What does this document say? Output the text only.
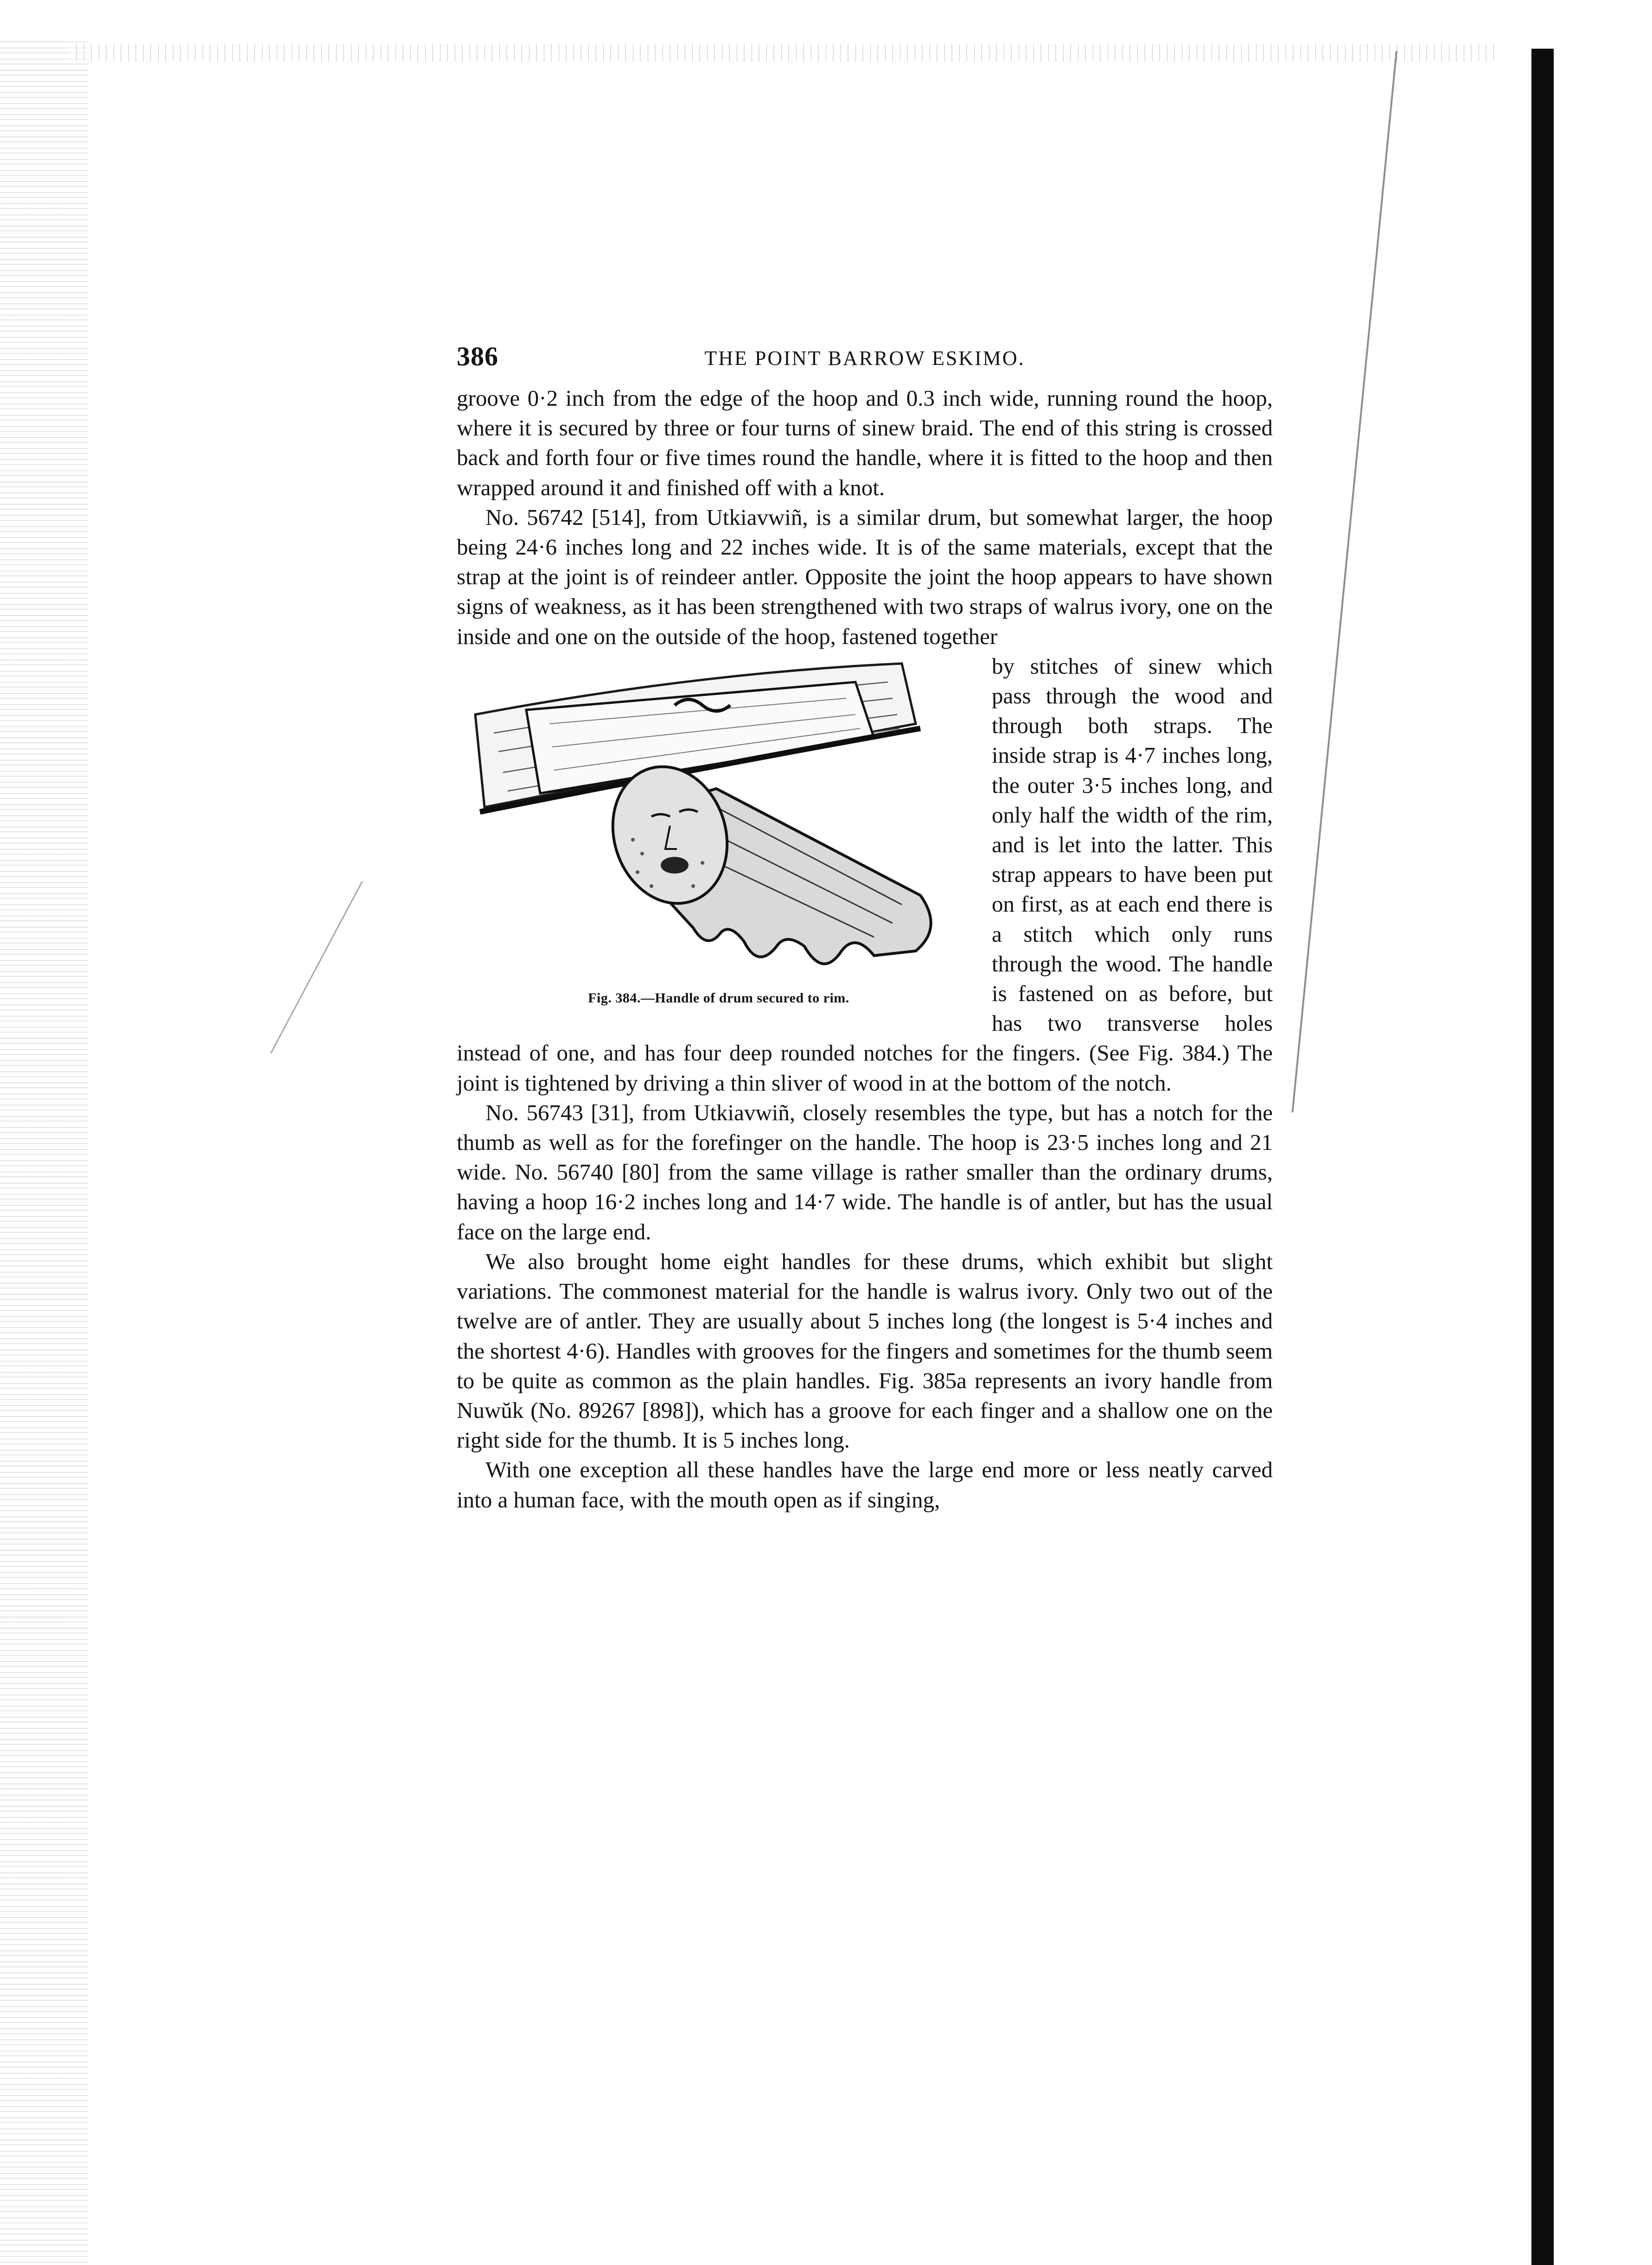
386	THE POINT BARROW ESKIMO.

groove 0·2 inch from the edge of the hoop and 0.3 inch wide, running round the hoop, where it is secured by three or four turns of sinew braid. The end of this string is crossed back and forth four or five times round the handle, where it is fitted to the hoop and then wrapped around it and finished off with a knot.

No. 56742 [514], from Utkiavwiñ, is a similar drum, but somewhat larger, the hoop being 24·6 inches long and 22 inches wide. It is of the same materials, except that the strap at the joint is of reindeer antler. Opposite the joint the hoop appears to have shown signs of weakness, as it has been strengthened with two straps of walrus ivory, one on the inside and one on the outside of the hoop, fastened together

Fig. 384.—Handle of drum secured to rim.

by stitches of sinew which pass through the wood and through both straps. The inside strap is 4·7 inches long, the outer 3·5 inches long, and only half the width of the rim, and is let into the latter. This strap appears to have been put on first, as at each end there is a stitch which only runs through the wood. The handle is fastened on as before, but has two transverse holes instead of one, and has four deep rounded notches for the fingers. (See Fig. 384.) The joint is tightened by driving a thin sliver of wood in at the bottom of the notch.

No. 56743 [31], from Utkiavwiñ, closely resembles the type, but has a notch for the thumb as well as for the forefinger on the handle. The hoop is 23·5 inches long and 21 wide. No. 56740 [80] from the same village is rather smaller than the ordinary drums, having a hoop 16·2 inches long and 14·7 wide. The handle is of antler, but has the usual face on the large end.

We also brought home eight handles for these drums, which exhibit but slight variations. The commonest material for the handle is walrus ivory. Only two out of the twelve are of antler. They are usually about 5 inches long (the longest is 5·4 inches and the shortest 4·6). Handles with grooves for the fingers and sometimes for the thumb seem to be quite as common as the plain handles. Fig. 385a represents an ivory handle from Nuwŭk (No. 89267 [898]), which has a groove for each finger and a shallow one on the right side for the thumb. It is 5 inches long.

With one exception all these handles have the large end more or less neatly carved into a human face, with the mouth open as if singing,
